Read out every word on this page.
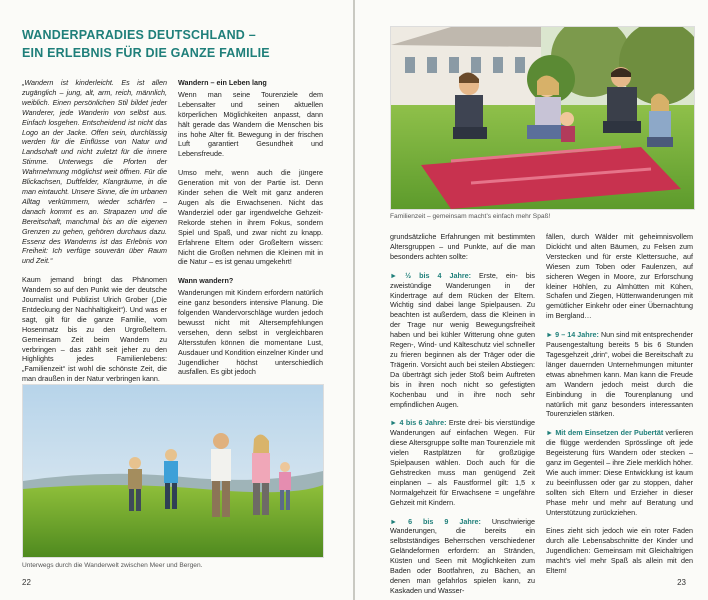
WANDERPARADIES DEUTSCHLAND –
EIN ERLEBNIS FÜR DIE GANZE FAMILIE

„Wandern ist kinderleicht. Es ist allen zugänglich – jung, alt, arm, reich, männlich, weiblich. Einen persönlichen Stil bildet jeder Wanderer, jede Wanderin von selbst aus. Einfach losgehen. Entscheidend ist nicht das Logo an der Jacke. Offen sein, durchlässig werden für die Einflüsse von Natur und Landschaft und nicht zuletzt für die innere Stimme. Unterwegs die Pforten der Wahrnehmung möglichst weit öffnen. Für die Blickachsen, Duftfelder, Klangräume, in die man eintaucht. Unsere Sinne, die im urbanen Alltag verkümmern, wieder schärfen – danach kommt es an. Strapazen und die Bereitschaft, manchmal bis an die eigenen Grenzen zu gehen, gehören durchaus dazu. Essenz des Wanderns ist das Erlebnis von Freiheit: Ich verfüge souverän über Raum und Zeit.“

Kaum jemand bringt das Phänomen Wandern so auf den Punkt wie der deutsche Journalist und Publizist Ulrich Grober („Die Entdeckung der Nachhaltigkeit“). Und was er sagt, gilt für die ganze Familie, vom Hosenmatz bis zu den Urgroßeltern. Gemeinsam Zeit beim Wandern zu verbringen – das zählt seit jeher zu den Highlights jedes Familienlebens: „Familienzeit“ ist wohl die schönste Zeit, die man draußen in der Natur verbringen kann.

Wandern – ein Leben lang

Wenn man seine Tourenziele dem Lebensalter und seinen aktuellen körperlichen Möglichkeiten anpasst, dann hält gerade das Wandern die Menschen bis ins hohe Alter fit. Bewegung in der frischen Luft garantiert Gesundheit und Lebensfreude.

Umso mehr, wenn auch die jüngere Generation mit von der Partie ist. Denn Kinder sehen die Welt mit ganz anderen Augen als die Erwachsenen. Nicht das Wanderziel oder gar irgendwelche Gehzeit-Rekorde stehen in ihrem Fokus, sondern Spiel und Spaß, und zwar nicht zu knapp. Erfahrene Eltern oder Großeltern wissen: Nicht die Großen nehmen die Kleinen mit in die Natur – es ist genau umgekehrt!

Wann wandern?

Wanderungen mit Kindern erfordern natürlich eine ganz besonders intensive Planung. Die folgenden Wandervorschläge wurden jedoch bewusst nicht mit Altersempfehlungen versehen, denn selbst in vergleichbaren Altersstufen können die momentane Lust, Ausdauer und Kondition einzelner Kinder und Jugendlicher höchst unterschiedlich ausfallen. Es gibt jedoch

Unterwegs durch die Wanderwelt zwischen Meer und Bergen.
22
Familienzeit – gemeinsam macht’s einfach mehr Spaß!

grundsätzliche Erfahrungen mit bestimmten Altersgruppen – und Punkte, auf die man besonders achten sollte:

► ½ bis 4 Jahre: Erste, ein- bis zweistündige Wanderungen in der Kindertrage auf dem Rücken der Eltern. Wichtig sind dabei lange Spielpausen. Zu beachten ist außerdem, dass die Kleinen in der Trage nur wenig Bewegungsfreiheit haben und bei kühler Witterung ohne guten Regen-, Wind- und Kälteschutz viel schneller zu frieren beginnen als der Träger oder die Trägerin. Vorsicht auch bei steilen Abstiegen: Da überträgt sich jeder Stoß beim Auftreten bis in ihren noch nicht so gefestigten Kochenbau und in ihre noch sehr empfindlichen Augen.

► 4 bis 6 Jahre: Erste drei- bis vierstündige Wanderungen auf einfachen Wegen. Für diese Altersgruppe sollte man Tourenziele mit vielen Rastplätzen für großzügige Spielpausen wählen. Doch auch für die Gehstrecken muss man genügend Zeit einplanen – als Faustformel gilt: 1,5 x Normalgehzeit für Erwachsene = ungefähre Gehzeit mit Kindern.

► 6 bis 9 Jahre: Unschwierige Wanderungen, die bereits ein selbstständiges Beherrschen verschiedener Geländeformen erfordern: an Stränden, Küsten und Seen mit Möglichkeiten zum Baden oder Bootfahren, zu Bächen, an denen man gefahrlos spielen kann, zu Kaskaden und Wasser-

fällen, durch Wälder mit geheimnisvollem Dickicht und alten Bäumen, zu Felsen zum Verstecken und für erste Klettersuche, auf Wiesen zum Toben oder Faulenzen, auf sicheren Wegen in Moore, zur Erforschung kleiner Höhlen, zu Almhütten mit Kühen, Schafen und Ziegen, Hüttenwanderungen mit gemütlicher Einkehr oder einer Übernachtung im Bergland…

► 9 – 14 Jahre: Nun sind mit entsprechender Pausengestaltung bereits 5 bis 6 Stunden Tagesgehzeit „drin“, wobei die Bereitschaft zu länger dauernden Unternehmungen mitunter etwas abnehmen kann. Man kann die Freude am Wandern jedoch meist durch die Einbindung in die Tourenplanung und natürlich mit ganz besonders interessanten Tourenzielen stärken.

► Mit dem Einsetzen der Pubertät verlieren die flügge werdenden Sprösslinge oft jede Begeisterung fürs Wandern oder stecken – ganz im Gegenteil – ihre Ziele merklich höher. Wie auch immer: Diese Entwicklung ist kaum zu beeinflussen oder gar zu stoppen, daher sollten sich Eltern und Erzieher in dieser Phase mehr und mehr auf Beratung und Unterstützung zurückziehen.

Eines zieht sich jedoch wie ein roter Faden durch alle Lebensabschnitte der Kinder und Jugendlichen: Gemeinsam mit Gleichaltrigen macht’s viel mehr Spaß als allein mit den Eltern!

23
